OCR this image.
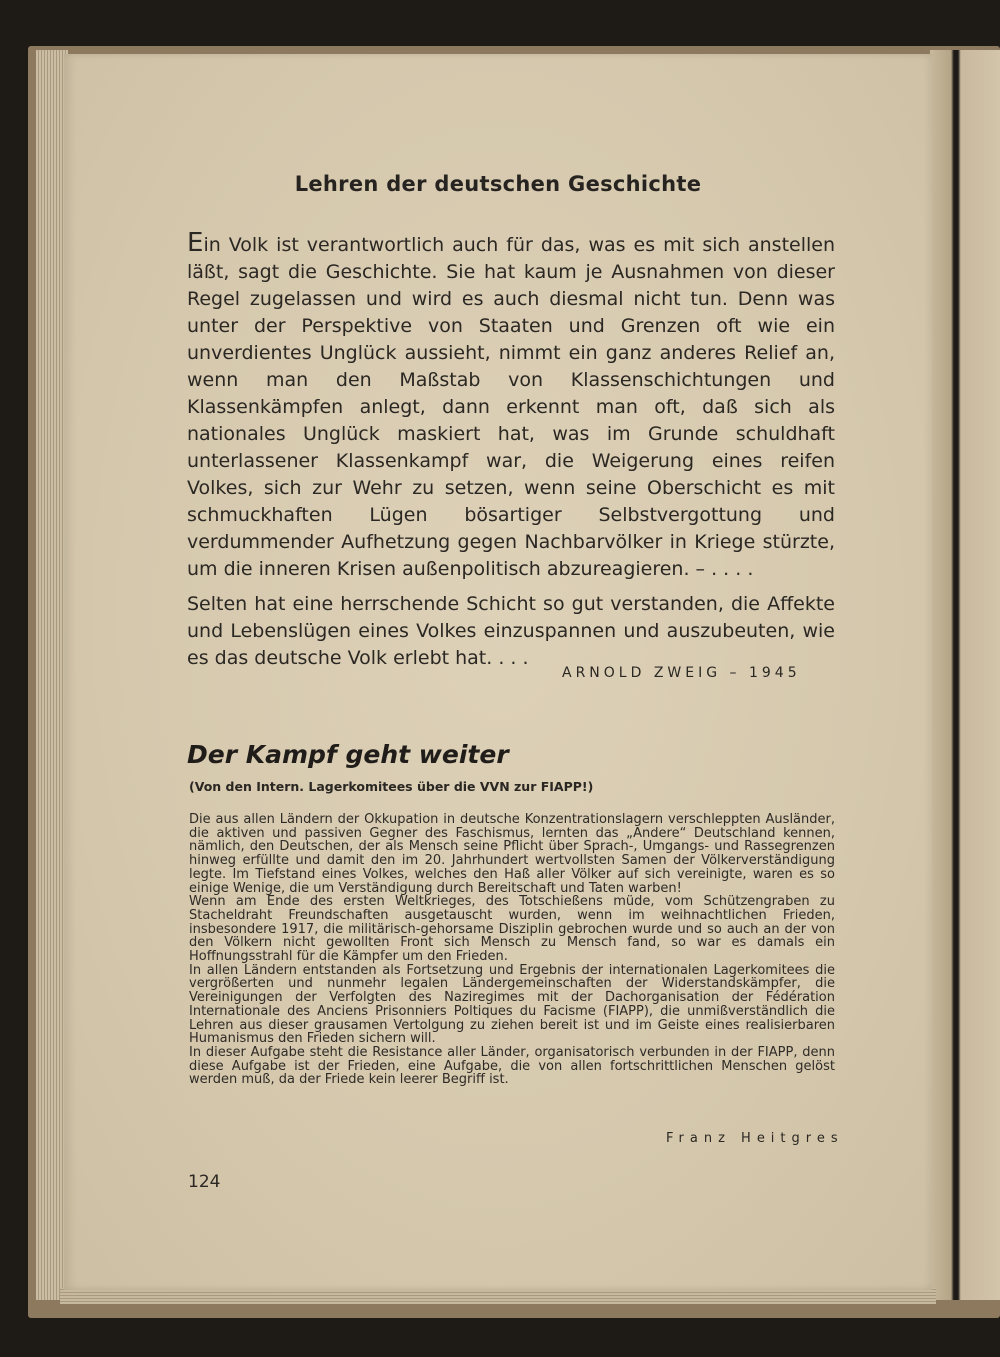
Lehren der deutschen Geschichte

Ein Volk ist verantwortlich auch für das, was es mit sich anstellen läßt, sagt die Geschichte. Sie hat kaum je Ausnahmen von dieser Regel zugelassen und wird es auch diesmal nicht tun. Denn was unter der Perspektive von Staaten und Grenzen oft wie ein unverdientes Unglück aussieht, nimmt ein ganz anderes Relief an, wenn man den Maßstab von Klassenschichtungen und Klassenkämpfen anlegt, dann erkennt man oft, daß sich als nationales Unglück maskiert hat, was im Grunde schuldhaft unterlassener Klassenkampf war, die Weigerung eines reifen Volkes, sich zur Wehr zu setzen, wenn seine Oberschicht es mit schmuckhaften Lügen bösartiger Selbstvergottung und verdummender Aufhetzung gegen Nachbarvölker in Kriege stürzte, um die inneren Krisen außenpolitisch abzureagieren. – . . . .

Selten hat eine herrschende Schicht so gut verstanden, die Affekte und Lebenslügen eines Volkes einzuspannen und auszubeuten, wie es das deutsche Volk erlebt hat. . . .

ARNOLD ZWEIG – 1945
Der Kampf geht weiter
(Von den Intern. Lagerkomitees über die VVN zur FIAPP!)

Die aus allen Ländern der Okkupation in deutsche Konzentrationslagern verschleppten Ausländer, die aktiven und passiven Gegner des Faschismus, lernten das „Andere“ Deutschland kennen, nämlich, den Deutschen, der als Mensch seine Pflicht über Sprach-, Umgangs- und Rassegrenzen hinweg erfüllte und damit den im 20. Jahrhundert wertvollsten Samen der Völkerverständigung legte. Im Tiefstand eines Volkes, welches den Haß aller Völker auf sich vereinigte, waren es so einige Wenige, die um Verständigung durch Bereitschaft und Taten warben!

Wenn am Ende des ersten Weltkrieges, des Totschießens müde, vom Schützengraben zu Stacheldraht Freundschaften ausgetauscht wurden, wenn im weihnachtlichen Frieden, insbesondere 1917, die militärisch-gehorsame Disziplin gebrochen wurde und so auch an der von den Völkern nicht gewollten Front sich Mensch zu Mensch fand, so war es damals ein Hoffnungsstrahl für die Kämpfer um den Frieden.

In allen Ländern entstanden als Fortsetzung und Ergebnis der internationalen Lagerkomitees die vergrößerten und nunmehr legalen Ländergemeinschaften der Widerstandskämpfer, die Vereinigungen der Verfolgten des Naziregimes mit der Dachorganisation der Fédération Internationale des Anciens Prisonniers Poltiques du Facisme (FIAPP), die unmißverständlich die Lehren aus dieser grausamen Vertolgung zu ziehen bereit ist und im Geiste eines realisierbaren Humanismus den Frieden sichern will.

In dieser Aufgabe steht die Resistance aller Länder, organisatorisch verbunden in der FIAPP, denn diese Aufgabe ist der Frieden, eine Aufgabe, die von allen fortschrittlichen Menschen gelöst werden muß, da der Friede kein leerer Begriff ist.

Franz Heitgres
124
